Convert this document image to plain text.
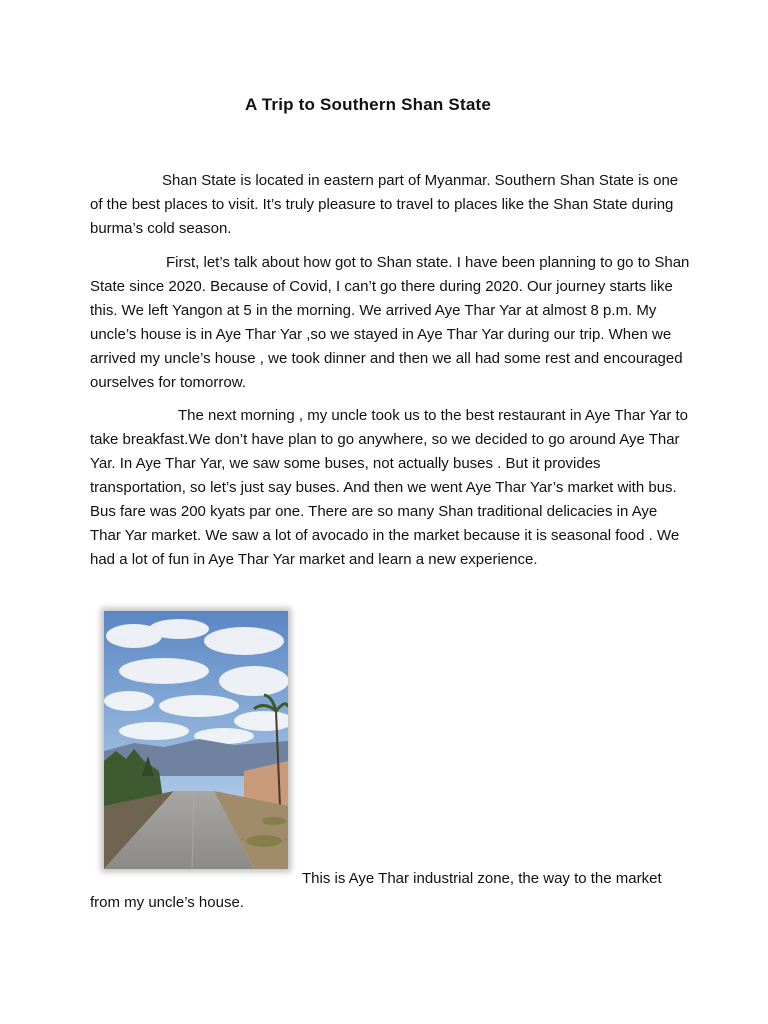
A Trip to Southern Shan State

Shan State is located in eastern part of Myanmar. Southern Shan State is one of the best places to visit. It’s truly pleasure to travel to places like the Shan State during burma’s cold season.

First, let’s talk about how got to Shan state. I have been planning to go to Shan State since 2020. Because of Covid, I can’t go there during 2020. Our journey starts like this. We left Yangon at 5 in the morning. We arrived Aye Thar Yar at almost 8 p.m. My uncle’s house is in Aye Thar Yar ,so we stayed in Aye Thar Yar during our trip. When we arrived my uncle’s house , we took dinner and then we all had some rest and encouraged ourselves for tomorrow.

The next morning , my uncle took us to the best restaurant in Aye Thar Yar to take breakfast.We don’t have plan to go anywhere, so we decided to go around Aye Thar Yar. In Aye Thar Yar, we saw some buses, not actually buses . But it provides transportation, so let’s just say buses. And then we went Aye Thar Yar’s market with bus. Bus fare was 200 kyats par one. There are so many Shan traditional delicacies in Aye Thar Yar market. We saw a lot of avocado in the market because it is seasonal food . We had a lot of fun in Aye Thar Yar market and learn a new experience.

This is Aye Thar industrial zone, the way to the market from my uncle’s house.
